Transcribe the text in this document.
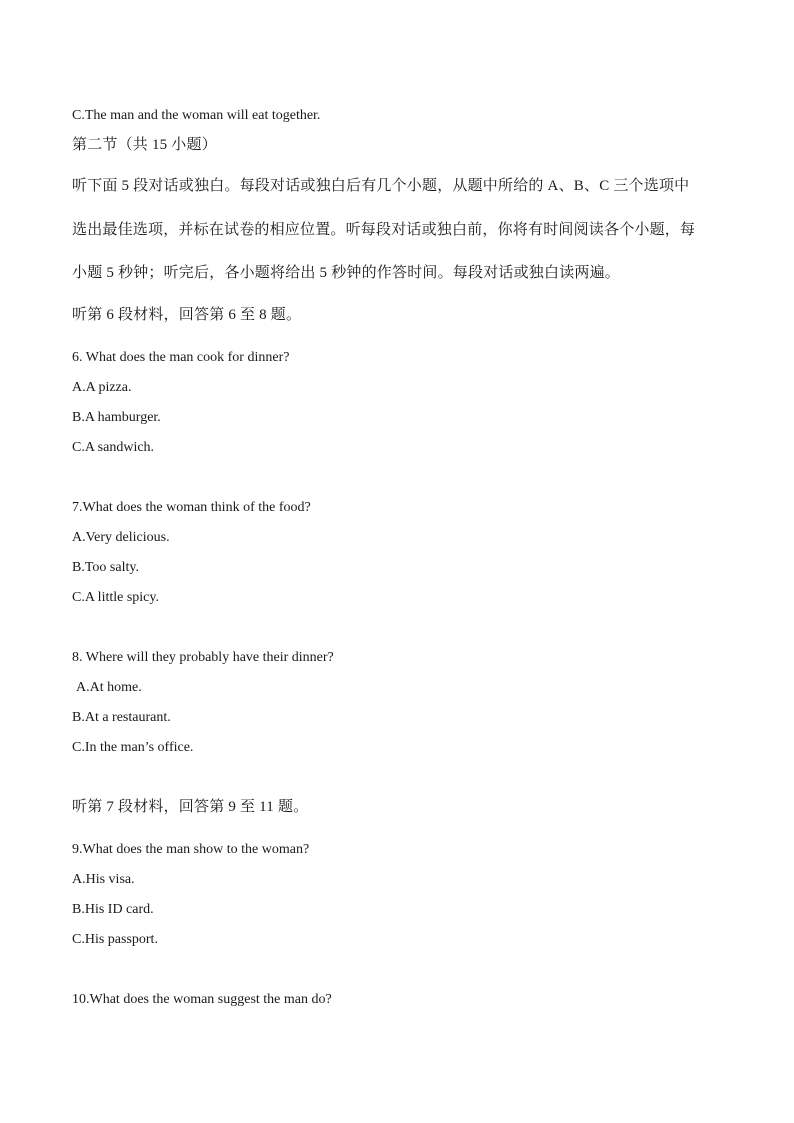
C.The man and the woman will eat together.
第二节（共 15 小题）
听下面 5 段对话或独白。每段对话或独白后有几个小题，从题中所给的 A、B、C 三个选项中
选出最佳选项，并标在试卷的相应位置。听每段对话或独白前，你将有时间阅读各个小题，每
小题 5 秒钟；听完后，各小题将给出 5 秒钟的作答时间。每段对话或独白读两遍。
听第 6 段材料，回答第 6 至 8 题。
6. What does the man cook for dinner?
A.A pizza.
B.A hamburger.
C.A sandwich.
7.What does the woman think of the food?
A.Very delicious.
B.Too salty.
C.A little spicy.
8. Where will they probably have their dinner?
A.At home.
B.At a restaurant.
C.In the man’s office.
听第 7 段材料，回答第 9 至 11 题。
9.What does the man show to the woman?
A.His visa.
B.His ID card.
C.His passport.
10.What does the woman suggest the man do?
